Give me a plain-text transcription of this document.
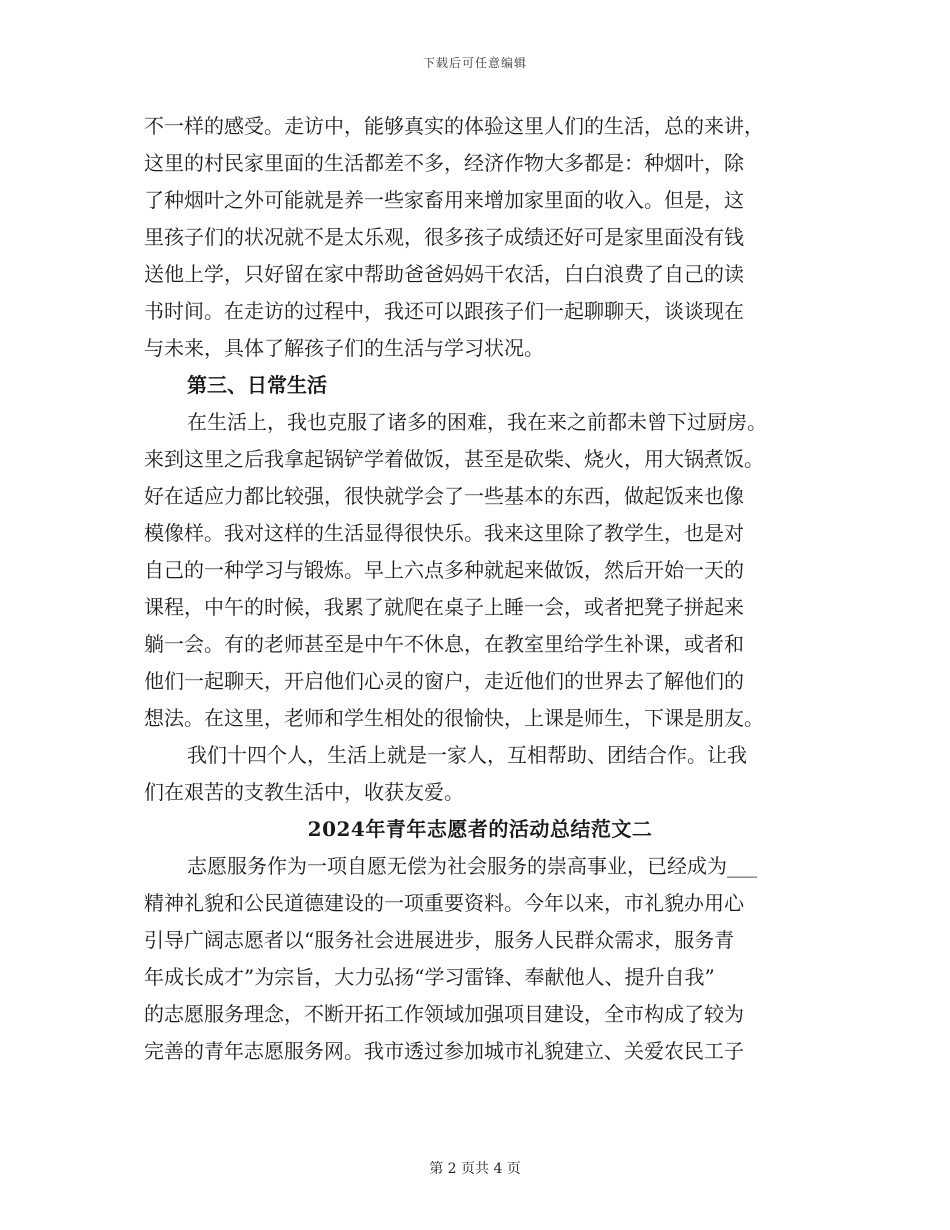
下载后可任意编辑
不一样的感受。走访中，能够真实的体验这里人们的生活，总的来讲，
这里的村民家里面的生活都差不多，经济作物大多都是：种烟叶，除
了种烟叶之外可能就是养一些家畜用来增加家里面的收入。但是，这
里孩子们的状况就不是太乐观，很多孩子成绩还好可是家里面没有钱
送他上学，只好留在家中帮助爸爸妈妈干农活，白白浪费了自己的读
书时间。在走访的过程中，我还可以跟孩子们一起聊聊天，谈谈现在
与未来，具体了解孩子们的生活与学习状况。
第三、日常生活
在生活上，我也克服了诸多的困难，我在来之前都未曾下过厨房。
来到这里之后我拿起锅铲学着做饭，甚至是砍柴、烧火，用大锅煮饭。
好在适应力都比较强，很快就学会了一些基本的东西，做起饭来也像
模像样。我对这样的生活显得很快乐。我来这里除了教学生，也是对
自己的一种学习与锻炼。早上六点多种就起来做饭，然后开始一天的
课程，中午的时候，我累了就爬在桌子上睡一会，或者把凳子拼起来
躺一会。有的老师甚至是中午不休息，在教室里给学生补课，或者和
他们一起聊天，开启他们心灵的窗户，走近他们的世界去了解他们的
想法。在这里，老师和学生相处的很愉快，上课是师生，下课是朋友。
我们十四个人，生活上就是一家人，互相帮助、团结合作。让我
们在艰苦的支教生活中，收获友爱。
2024年青年志愿者的活动总结范文二
志愿服务作为一项自愿无偿为社会服务的崇高事业，已经成为___
精神礼貌和公民道德建设的一项重要资料。今年以来，市礼貌办用心
引导广阔志愿者以“服务社会进展进步，服务人民群众需求，服务青
年成长成才”为宗旨，大力弘扬“学习雷锋、奉献他人、提升自我”
的志愿服务理念，不断开拓工作领域加强项目建设，全市构成了较为
完善的青年志愿服务网。我市透过参加城市礼貌建立、关爱农民工子
第 2 页共 4 页
